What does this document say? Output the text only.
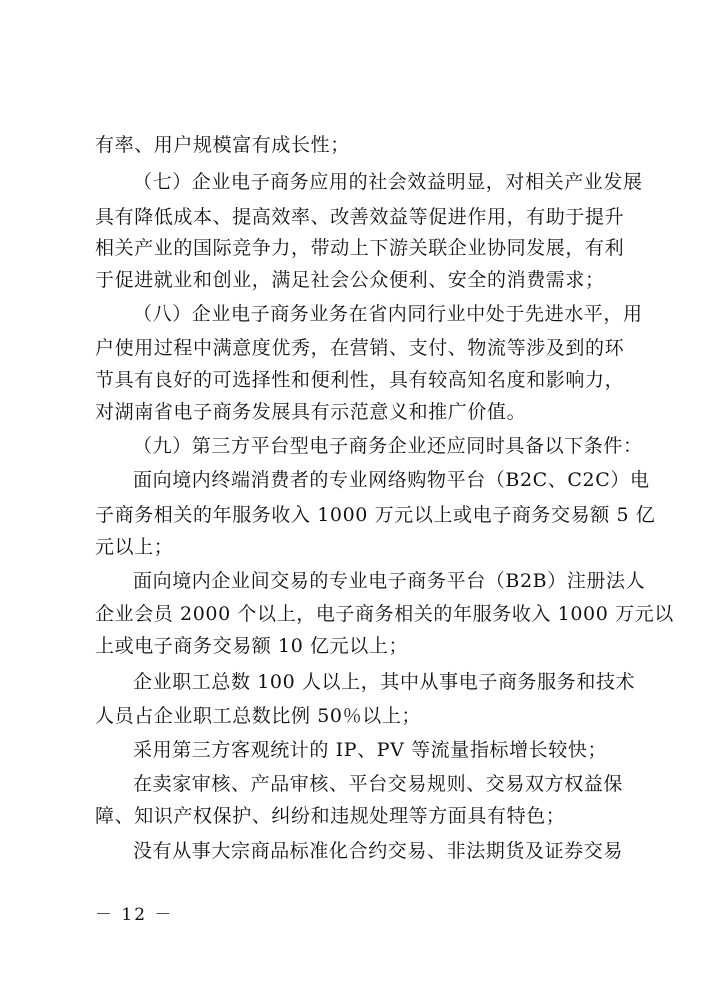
有率、用户规模富有成长性；
（七）企业电子商务应用的社会效益明显，对相关产业发展
具有降低成本、提高效率、改善效益等促进作用，有助于提升
相关产业的国际竞争力，带动上下游关联企业协同发展，有利
于促进就业和创业，满足社会公众便利、安全的消费需求；
（八）企业电子商务业务在省内同行业中处于先进水平，用
户使用过程中满意度优秀，在营销、支付、物流等涉及到的环
节具有良好的可选择性和便利性，具有较高知名度和影响力，
对湖南省电子商务发展具有示范意义和推广价值。
（九）第三方平台型电子商务企业还应同时具备以下条件：
面向境内终端消费者的专业网络购物平台（B2C、C2C）电
子商务相关的年服务收入 1000 万元以上或电子商务交易额 5 亿
元以上；
面向境内企业间交易的专业电子商务平台（B2B）注册法人
企业会员 2000 个以上，电子商务相关的年服务收入 1000 万元以
上或电子商务交易额 10 亿元以上；
企业职工总数 100 人以上，其中从事电子商务服务和技术
人员占企业职工总数比例 50％以上；
采用第三方客观统计的 IP、PV 等流量指标增长较快；
在卖家审核、产品审核、平台交易规则、交易双方权益保
障、知识产权保护、纠纷和违规处理等方面具有特色；
没有从事大宗商品标准化合约交易、非法期货及证券交易
－ 12 －
